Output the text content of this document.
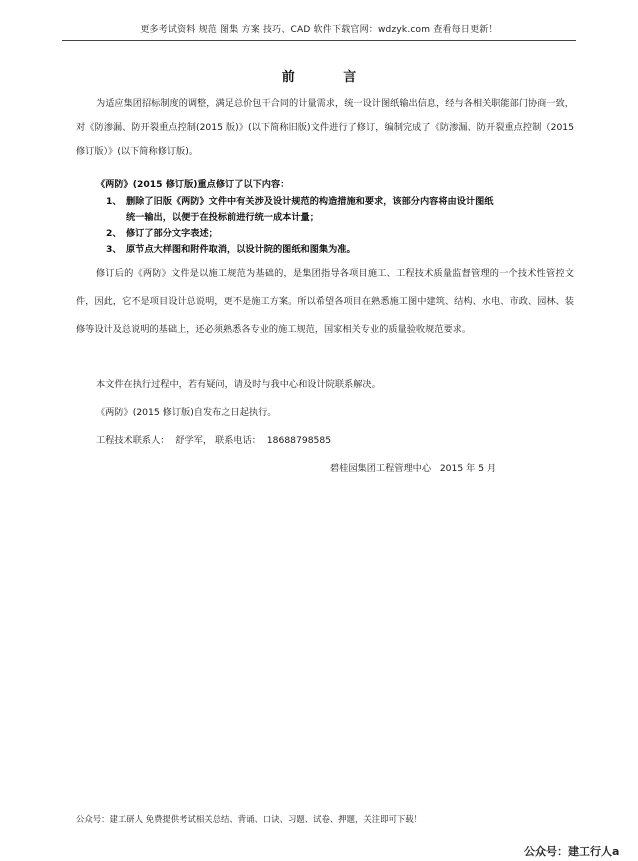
更多考试资料 规范 图集 方案 技巧、CAD 软件下载官网：wdzyk.com 查看每日更新！
前 言
为适应集团招标制度的调整，满足总价包干合同的计量需求，统一设计图纸输出信息，经与各相关职能部门协商一致，对《防渗漏、防开裂重点控制(2015 版)》(以下简称旧版)文件进行了修订，编制完成了《防渗漏、防开裂重点控制（2015 修订版）》(以下简称修订版)。
《两防》(2015 修订版)重点修订了以下内容：
1、 删除了旧版《两防》文件中有关涉及设计规范的构造措施和要求，该部分内容将由设计图纸
统一输出，以便于在投标前进行统一成本计量；
2、 修订了部分文字表述；
3、 原节点大样图和附件取消，以设计院的图纸和图集为准。
修订后的《两防》文件是以施工规范为基础的，是集团指导各项目施工、工程技术质量监督管理的一个技术性管控文件，因此，它不是项目设计总说明，更不是施工方案。所以希望各项目在熟悉施工图中建筑、结构、水电、市政、园林、装修等设计及总说明的基础上，还必须熟悉各专业的施工规范，国家相关专业的质量验收规范要求。
本文件在执行过程中，若有疑问，请及时与我中心和设计院联系解决。
《两防》(2015 修订版)自发布之日起执行。
工程技术联系人： 舒学军， 联系电话： 18688798585
碧桂园集团工程管理中心 2015 年 5 月
公众号：建工研人 免费提供考试相关总结、背诵、口诀、习题、试卷、押题，关注即可下载！
公众号：建工行人a
